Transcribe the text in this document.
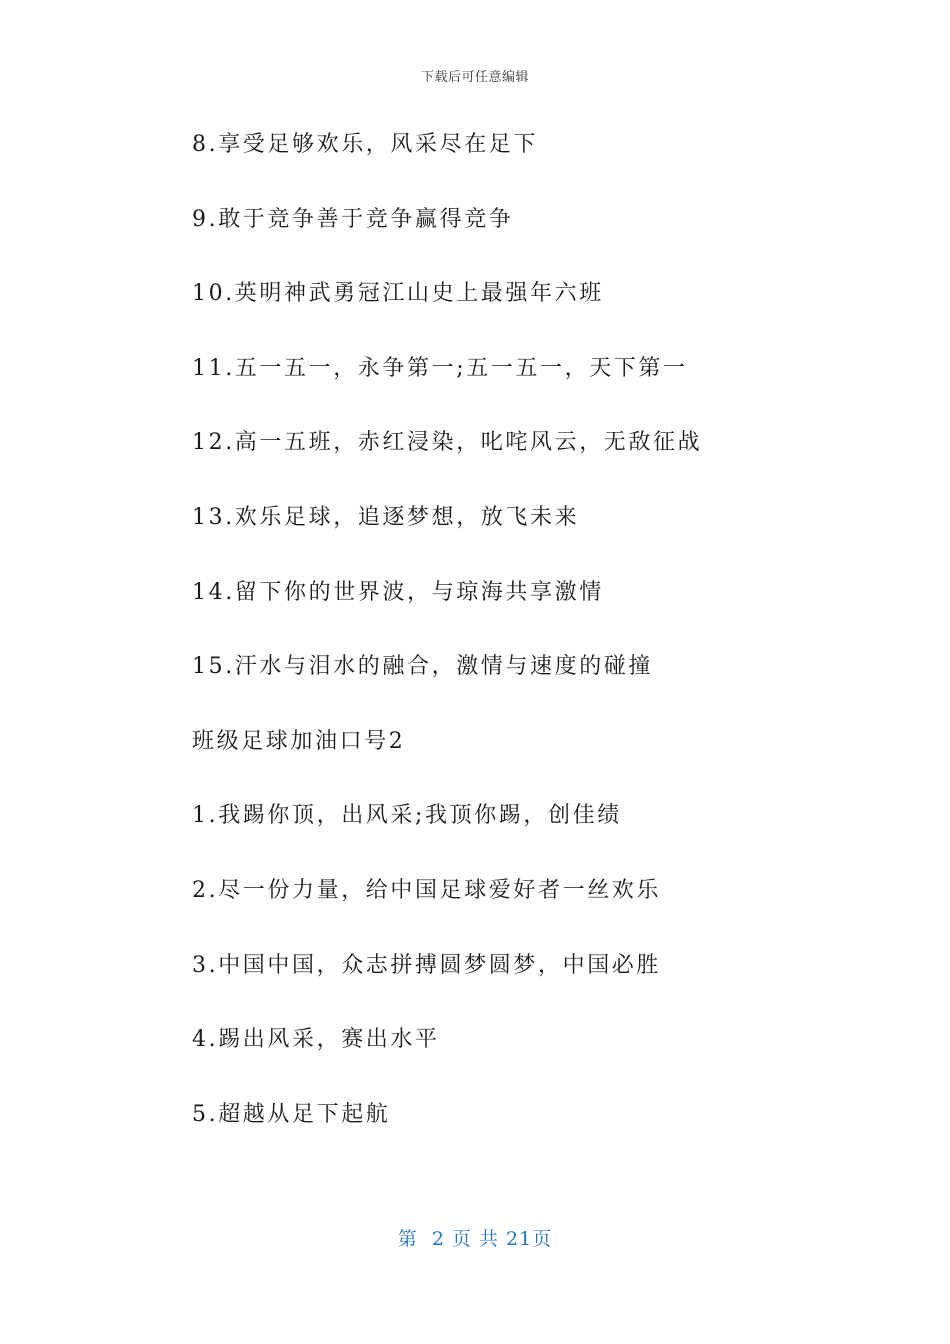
下载后可任意编辑
8.享受足够欢乐，风采尽在足下
9.敢于竞争善于竞争赢得竞争
10.英明神武勇冠江山史上最强年六班
11.五一五一，永争第一;五一五一，天下第一
12.高一五班，赤红浸染，叱咤风云，无敌征战
13.欢乐足球，追逐梦想，放飞未来
14.留下你的世界波，与琼海共享激情
15.汗水与泪水的融合，激情与速度的碰撞
班级足球加油口号2
1.我踢你顶，出风采;我顶你踢，创佳绩
2.尽一份力量，给中国足球爱好者一丝欢乐
3.中国中国，众志拼搏圆梦圆梦，中国必胜
4.踢出风采，赛出水平
5.超越从足下起航
第  2 页 共 21页
